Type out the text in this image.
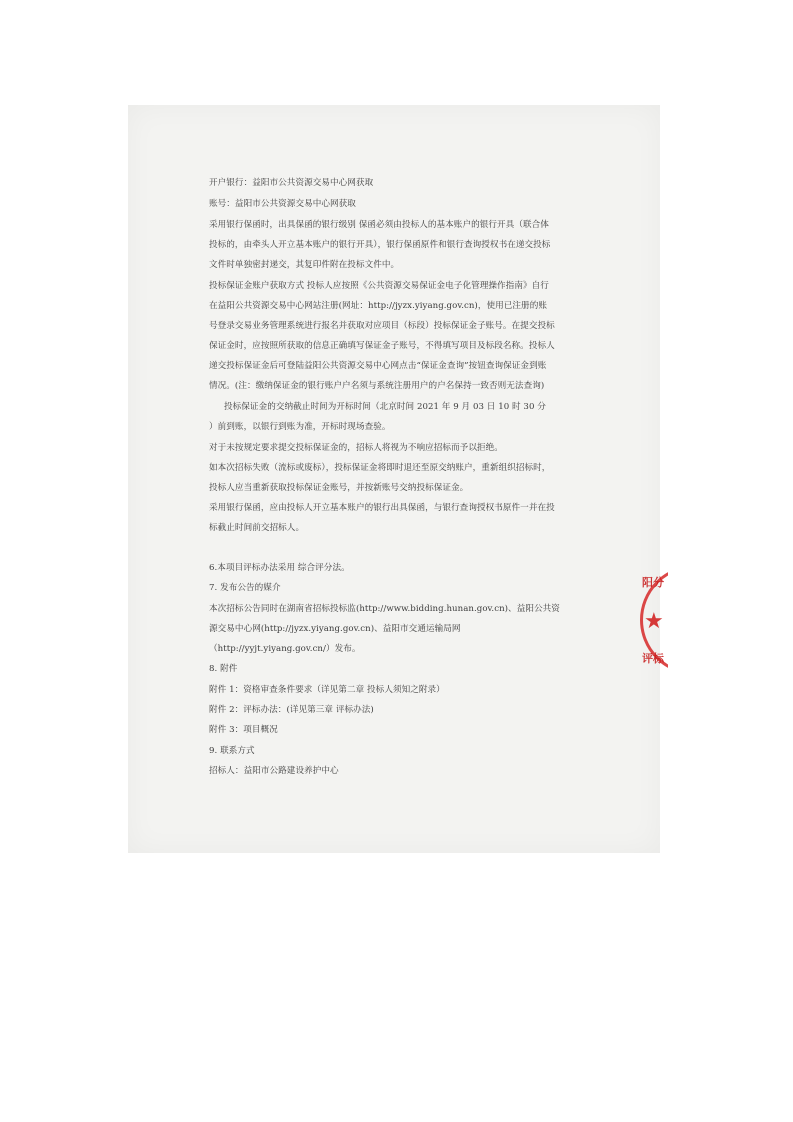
开户银行：益阳市公共资源交易中心网获取
账号：益阳市公共资源交易中心网获取
采用银行保函时，出具保函的银行级别 保函必须由投标人的基本账户的银行开具（联合体
投标的，由牵头人开立基本账户的银行开具），银行保函原件和银行查询授权书在递交投标
文件时单独密封递交，其复印件附在投标文件中。
投标保证金账户获取方式 投标人应按照《公共资源交易保证金电子化管理操作指南》自行
在益阳公共资源交易中心网站注册(网址：http://jyzx.yiyang.gov.cn)，使用已注册的账
号登录交易业务管理系统进行报名并获取对应项目（标段）投标保证金子账号。在提交投标
保证金时，应按照所获取的信息正确填写保证金子账号，不得填写项目及标段名称。投标人
递交投标保证金后可登陆益阳公共资源交易中心网点击“保证金查询”按钮查询保证金到账
情况。(注：缴纳保证金的银行账户户名须与系统注册用户的户名保持一致否则无法查询)
投标保证金的交纳截止时间为开标时间（北京时间 2021 年 9 月 03 日 10 时 30 分
）前到账，以银行到账为准，开标时现场查验。
对于未按规定要求提交投标保证金的，招标人将视为不响应招标而予以拒绝。
如本次招标失败（流标或废标），投标保证金将即时退还至原交纳账户，重新组织招标时，
投标人应当重新获取投标保证金账号，并按新账号交纳投标保证金。
采用银行保函，应由投标人开立基本账户的银行出具保函，与银行查询授权书原件一并在投
标截止时间前交招标人。
6.本项目评标办法采用 综合评分法。
7. 发布公告的媒介
本次招标公告同时在湖南省招标投标监(http://www.bidding.hunan.gov.cn)、益阳公共资
源交易中心网(http://jyzx.yiyang.gov.cn)、益阳市交通运输局网
（http://yyjt.yiyang.gov.cn/）发布。
8. 附件
附件 1：资格审查条件要求（详见第二章 投标人须知之附录）
附件 2：评标办法：(详见第三章 评标办法)
附件 3：项目概况
9. 联系方式
招标人：益阳市公路建设养护中心
阳分
★
评标
